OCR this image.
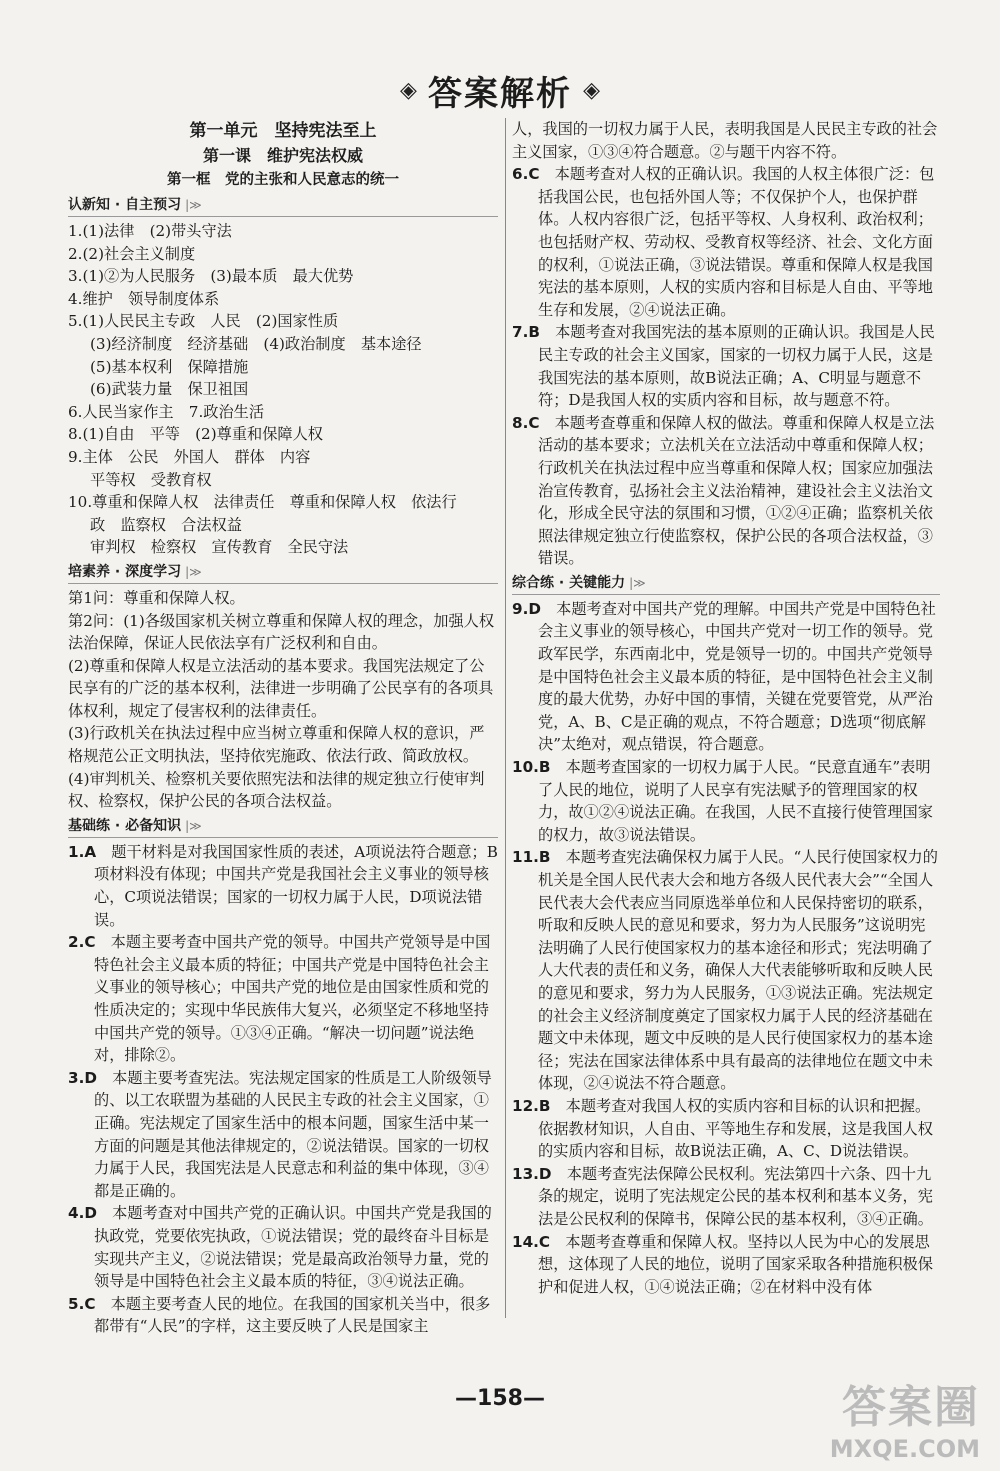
◈ 答案解析 ◈
第一单元　坚持宪法至上
第一课　维护宪法权威
第一框　党的主张和人民意志的统一
认新知 · 自主预习 |≫
1.(1)法律　(2)带头守法
2.(2)社会主义制度
3.(1)②为人民服务　(3)最本质　最大优势
4.维护　领导制度体系
5.(1)人民民主专政　人民　(2)国家性质
(3)经济制度　经济基础　(4)政治制度　基本途径
(5)基本权利　保障措施
(6)武装力量　保卫祖国
6.人民当家作主　7.政治生活
8.(1)自由　平等　(2)尊重和保障人权
9.主体　公民　外国人　群体　内容
平等权　受教育权
10.尊重和保障人权　法律责任　尊重和保障人权　依法行
政　监察权　合法权益
审判权　检察权　宣传教育　全民守法
培素养 · 深度学习 |≫
第1问：尊重和保障人权。
第2问：(1)各级国家机关树立尊重和保障人权的理念，加强人权法治保障，保证人民依法享有广泛权利和自由。
(2)尊重和保障人权是立法活动的基本要求。我国宪法规定了公民享有的广泛的基本权利，法律进一步明确了公民享有的各项具体权利，规定了侵害权利的法律责任。
(3)行政机关在执法过程中应当树立尊重和保障人权的意识，严格规范公正文明执法，坚持依宪施政、依法行政、简政放权。
(4)审判机关、检察机关要依照宪法和法律的规定独立行使审判权、检察权，保护公民的各项合法权益。
基础练 · 必备知识 |≫
1.A　 题干材料是对我国国家性质的表述，A项说法符合题意；B项材料没有体现；中国共产党是我国社会主义事业的领导核心，C项说法错误；国家的一切权力属于人民，D项说法错误。
2.C　 本题主要考查中国共产党的领导。中国共产党领导是中国特色社会主义最本质的特征；中国共产党是中国特色社会主义事业的领导核心；中国共产党的地位是由国家性质和党的性质决定的；实现中华民族伟大复兴，必须坚定不移地坚持中国共产党的领导。①③④正确。“解决一切问题”说法绝对，排除②。
3.D　 本题主要考查宪法。宪法规定国家的性质是工人阶级领导的、以工农联盟为基础的人民民主专政的社会主义国家，①正确。宪法规定了国家生活中的根本问题，国家生活中某一方面的问题是其他法律规定的，②说法错误。国家的一切权力属于人民，我国宪法是人民意志和利益的集中体现，③④都是正确的。
4.D　 本题考查对中国共产党的正确认识。中国共产党是我国的执政党，党要依宪执政，①说法错误；党的最终奋斗目标是实现共产主义，②说法错误；党是最高政治领导力量，党的领导是中国特色社会主义最本质的特征，③④说法正确。
5.C　 本题主要考查人民的地位。在我国的国家机关当中，很多都带有“人民”的字样，这主要反映了人民是国家主
人，我国的一切权力属于人民，表明我国是人民民主专政的社会主义国家，①③④符合题意。②与题干内容不符。
6.C　 本题考查对人权的正确认识。我国的人权主体很广泛：包括我国公民，也包括外国人等；不仅保护个人，也保护群体。人权内容很广泛，包括平等权、人身权利、政治权利；也包括财产权、劳动权、受教育权等经济、社会、文化方面的权利，①说法正确，③说法错误。尊重和保障人权是我国宪法的基本原则，人权的实质内容和目标是人自由、平等地生存和发展，②④说法正确。
7.B　 本题考查对我国宪法的基本原则的正确认识。我国是人民民主专政的社会主义国家，国家的一切权力属于人民，这是我国宪法的基本原则，故B说法正确；A、C明显与题意不符；D是我国人权的实质内容和目标，故与题意不符。
8.C　 本题考查尊重和保障人权的做法。尊重和保障人权是立法活动的基本要求；立法机关在立法活动中尊重和保障人权；行政机关在执法过程中应当尊重和保障人权；国家应加强法治宣传教育，弘扬社会主义法治精神，建设社会主义法治文化，形成全民守法的氛围和习惯，①②④正确；监察机关依照法律规定独立行使监察权，保护公民的各项合法权益，③错误。
综合练 · 关键能力 |≫
9.D　 本题考查对中国共产党的理解。中国共产党是中国特色社会主义事业的领导核心，中国共产党对一切工作的领导。党政军民学，东西南北中，党是领导一切的。中国共产党领导是中国特色社会主义最本质的特征，是中国特色社会主义制度的最大优势，办好中国的事情，关键在党要管党，从严治党，A、B、C是正确的观点，不符合题意；D选项“彻底解决”太绝对，观点错误，符合题意。
10.B　 本题考查国家的一切权力属于人民。“民意直通车”表明了人民的地位，说明了人民享有宪法赋予的管理国家的权力，故①②④说法正确。在我国，人民不直接行使管理国家的权力，故③说法错误。
11.B　 本题考查宪法确保权力属于人民。“人民行使国家权力的机关是全国人民代表大会和地方各级人民代表大会”“全国人民代表大会代表应当同原选举单位和人民保持密切的联系，听取和反映人民的意见和要求，努力为人民服务”这说明宪法明确了人民行使国家权力的基本途径和形式；宪法明确了人大代表的责任和义务，确保人大代表能够听取和反映人民的意见和要求，努力为人民服务，①③说法正确。宪法规定的社会主义经济制度奠定了国家权力属于人民的经济基础在题文中未体现，题文中反映的是人民行使国家权力的基本途径；宪法在国家法律体系中具有最高的法律地位在题文中未体现，②④说法不符合题意。
12.B　 本题考查对我国人权的实质内容和目标的认识和把握。依据教材知识，人自由、平等地生存和发展，这是我国人权的实质内容和目标，故B说法正确，A、C、D说法错误。
13.D　 本题考查宪法保障公民权利。宪法第四十六条、四十九条的规定，说明了宪法规定公民的基本权利和基本义务，宪法是公民权利的保障书，保障公民的基本权利，③④正确。
14.C　 本题考查尊重和保障人权。坚持以人民为中心的发展思想，这体现了人民的地位，说明了国家采取各种措施积极保护和促进人权，①④说法正确；②在材料中没有体
—158—	答案圈
MXQE.COM
